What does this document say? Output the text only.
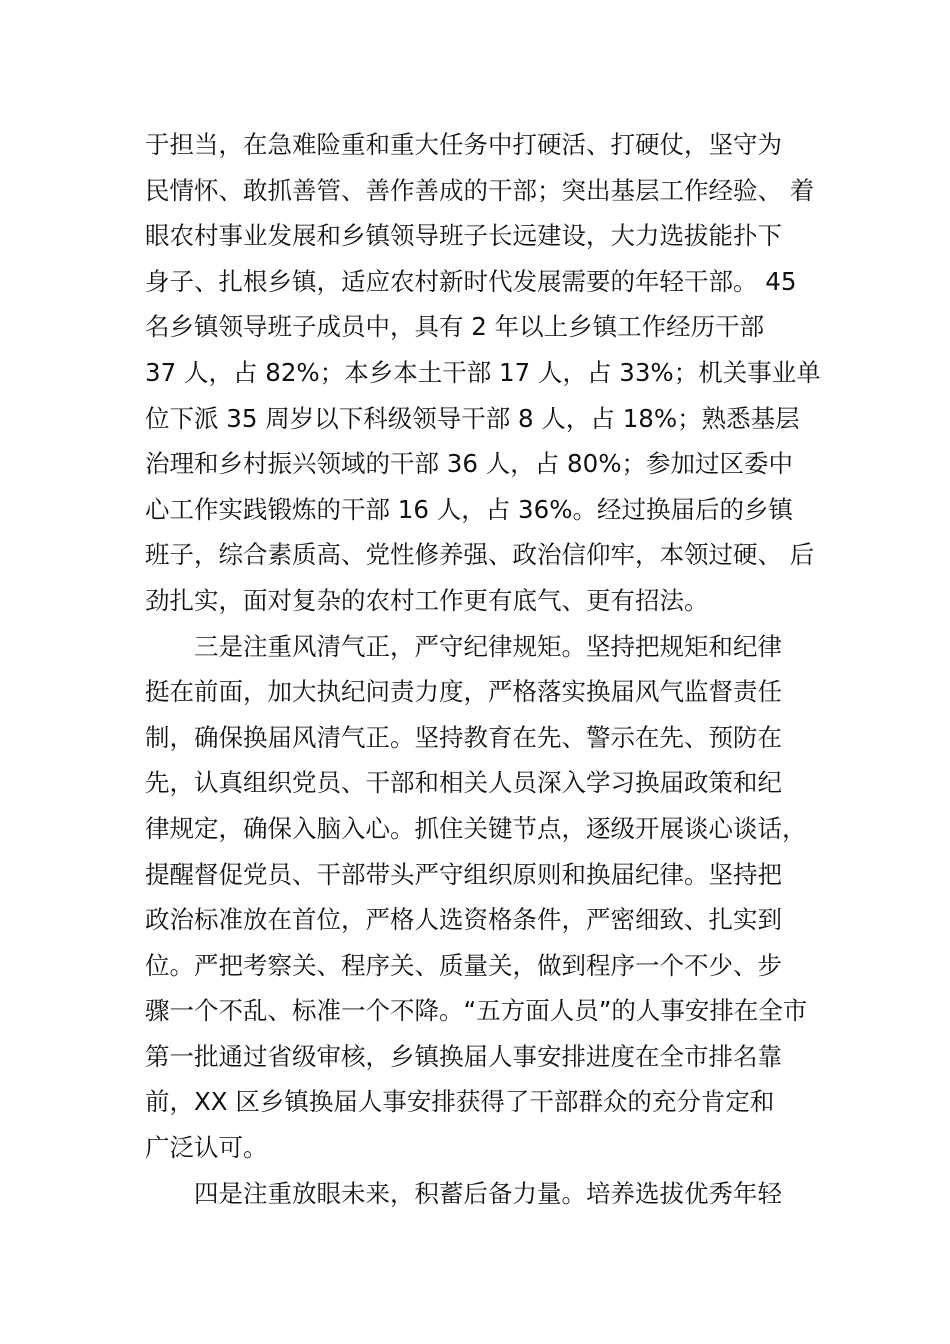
于担当，在急难险重和重大任务中打硬活、打硬仗，坚守为
民情怀、敢抓善管、善作善成的干部；突出基层工作经验、 着
眼农村事业发展和乡镇领导班子长远建设，大力选拔能扑下
身子、扎根乡镇，适应农村新时代发展需要的年轻干部。 45
名乡镇领导班子成员中，具有 2 年以上乡镇工作经历干部
37 人，占 82%；本乡本土干部 17 人，占 33%；机关事业单
位下派 35 周岁以下科级领导干部 8 人，占 18%；熟悉基层
治理和乡村振兴领域的干部 36 人，占 80%；参加过区委中
心工作实践锻炼的干部 16 人，占 36%。经过换届后的乡镇
班子，综合素质高、党性修养强、政治信仰牢，本领过硬、 后
劲扎实，面对复杂的农村工作更有底气、更有招法。
三是注重风清气正，严守纪律规矩。坚持把规矩和纪律
挺在前面，加大执纪问责力度，严格落实换届风气监督责任
制，确保换届风清气正。坚持教育在先、警示在先、预防在
先，认真组织党员、干部和相关人员深入学习换届政策和纪
律规定，确保入脑入心。抓住关键节点，逐级开展谈心谈话，
提醒督促党员、干部带头严守组织原则和换届纪律。坚持把
政治标准放在首位，严格人选资格条件，严密细致、扎实到
位。严把考察关、程序关、质量关，做到程序一个不少、步
骤一个不乱、标准一个不降。“五方面人员”的人事安排在全市
第一批通过省级审核，乡镇换届人事安排进度在全市排名靠
前，XX 区乡镇换届人事安排获得了干部群众的充分肯定和
广泛认可。
四是注重放眼未来，积蓄后备力量。培养选拔优秀年轻
